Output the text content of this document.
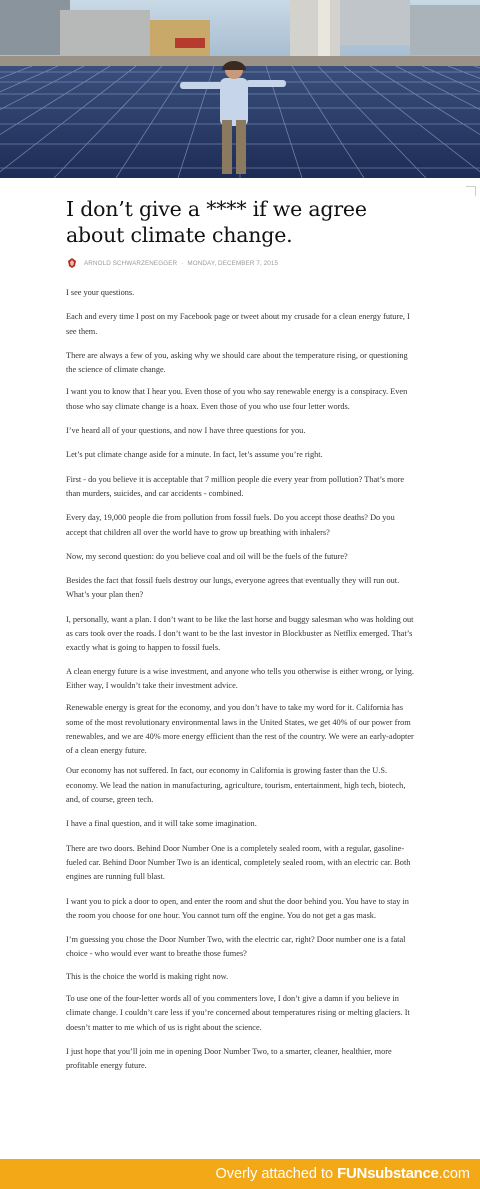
I don’t give a **** if we agree about climate change.
ARNOLD SCHWARZENEGGER · MONDAY, DECEMBER 7, 2015

I see your questions.

Each and every time I post on my Facebook page or tweet about my crusade for a clean energy future, I see them.

There are always a few of you, asking why we should care about the temperature rising, or questioning the science of climate change.

I want you to know that I hear you. Even those of you who say renewable energy is a conspiracy. Even those who say climate change is a hoax. Even those of you who use four letter words.

I’ve heard all of your questions, and now I have three questions for you.

Let’s put climate change aside for a minute. In fact, let’s assume you’re right.

First - do you believe it is acceptable that 7 million people die every year from pollution? That’s more than murders, suicides, and car accidents - combined.

Every day, 19,000 people die from pollution from fossil fuels. Do you accept those deaths? Do you accept that children all over the world have to grow up breathing with inhalers?

Now, my second question: do you believe coal and oil will be the fuels of the future?

Besides the fact that fossil fuels destroy our lungs, everyone agrees that eventually they will run out. What’s your plan then?

I, personally, want a plan. I don’t want to be like the last horse and buggy salesman who was holding out as cars took over the roads. I don’t want to be the last investor in Blockbuster as Netflix emerged. That’s exactly what is going to happen to fossil fuels.

A clean energy future is a wise investment, and anyone who tells you otherwise is either wrong, or lying. Either way, I wouldn’t take their investment advice.

Renewable energy is great for the economy, and you don’t have to take my word for it. California has some of the most revolutionary environmental laws in the United States, we get 40% of our power from renewables, and we are 40% more energy efficient than the rest of the country. We were an early-adopter of a clean energy future.

Our economy has not suffered. In fact, our economy in California is growing faster than the U.S. economy. We lead the nation in manufacturing, agriculture, tourism, entertainment, high tech, biotech, and, of course, green tech.

I have a final question, and it will take some imagination.

There are two doors. Behind Door Number One is a completely sealed room, with a regular, gasoline-fueled car. Behind Door Number Two is an identical, completely sealed room, with an electric car. Both engines are running full blast.

I want you to pick a door to open, and enter the room and shut the door behind you. You have to stay in the room you choose for one hour. You cannot turn off the engine. You do not get a gas mask.

I’m guessing you chose the Door Number Two, with the electric car, right? Door number one is a fatal choice - who would ever want to breathe those fumes?

This is the choice the world is making right now.

To use one of the four-letter words all of you commenters love, I don’t give a damn if you believe in climate change. I couldn’t care less if you’re concerned about temperatures rising or melting glaciers. It doesn’t matter to me which of us is right about the science.

I just hope that you’ll join me in opening Door Number Two, to a smarter, cleaner, healthier, more profitable energy future.

Overly attached to FUNsubstance.com
